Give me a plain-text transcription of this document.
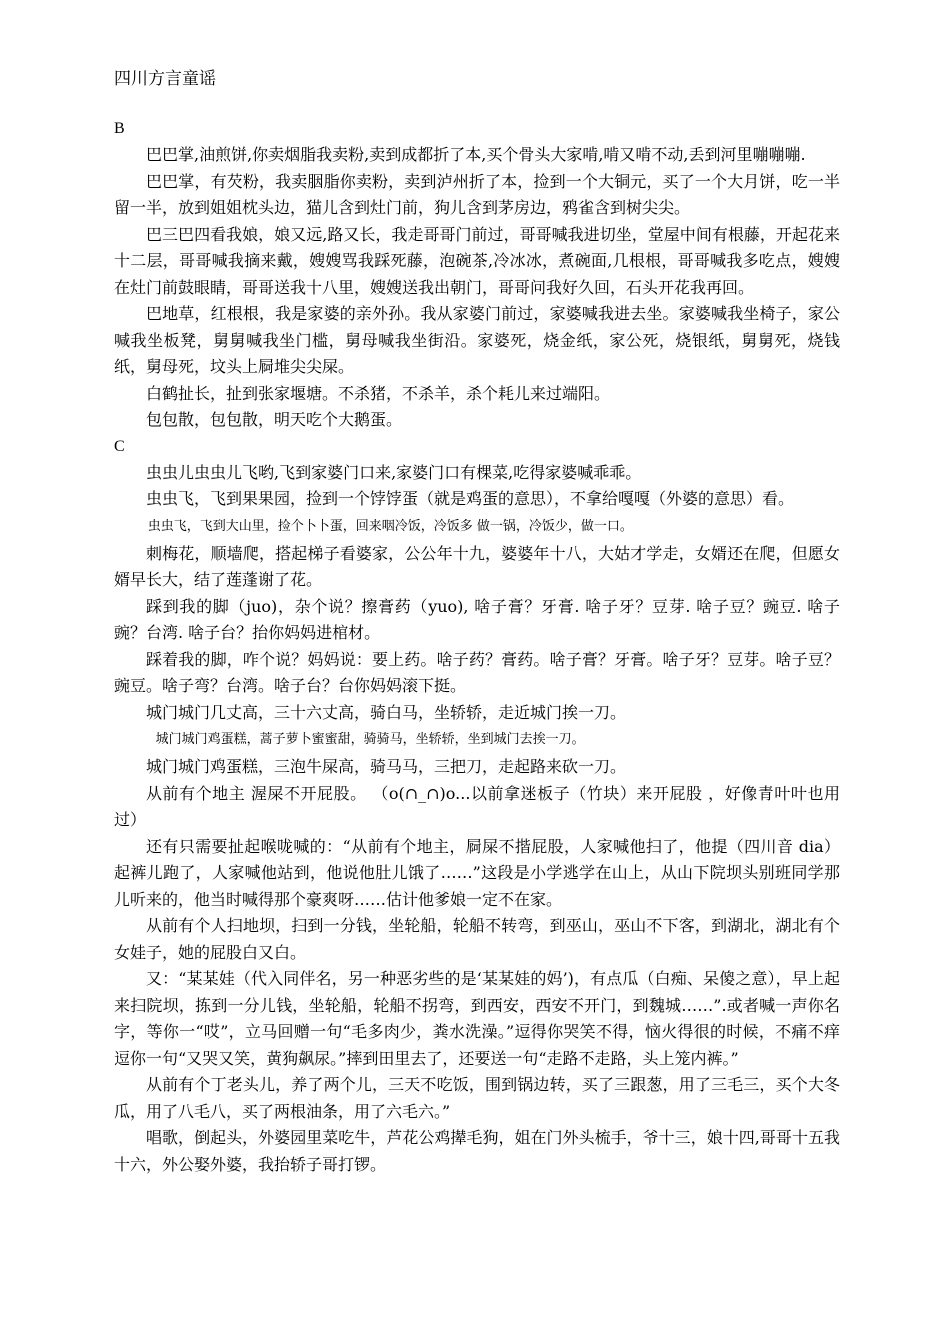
四川方言童谣

B

巴巴掌,油煎饼,你卖烟脂我卖粉,卖到成都折了本,买个骨头大家啃,啃又啃不动,丢到河里嘣嘣嘣.

巴巴掌，有芡粉，我卖胭脂你卖粉，卖到泸州折了本，捡到一个大铜元，买了一个大月饼，吃一半留一半，放到姐姐枕头边，猫儿含到灶门前，狗儿含到茅房边，鸦雀含到树尖尖。

巴三巴四看我娘，娘又远,路又长，我走哥哥门前过，哥哥喊我进切坐，堂屋中间有根藤，开起花来十二层，哥哥喊我摘来戴，嫂嫂骂我踩死藤，泡碗茶,冷冰冰，煮碗面,几根根，哥哥喊我多吃点，嫂嫂在灶门前鼓眼睛，哥哥送我十八里，嫂嫂送我出朝门，哥哥问我好久回，石头开花我再回。

巴地草，红根根，我是家婆的亲外孙。我从家婆门前过，家婆喊我进去坐。家婆喊我坐椅子，家公喊我坐板凳，舅舅喊我坐门槛，舅母喊我坐街沿。家婆死，烧金纸，家公死，烧银纸，舅舅死，烧钱纸，舅母死，坟头上屙堆尖尖屎。

白鹤扯长，扯到张家堰塘。不杀猪，不杀羊，杀个耗儿来过端阳。

包包散，包包散，明天吃个大鹅蛋。

C

虫虫儿虫虫儿飞哟,飞到家婆门口来,家婆门口有棵菜,吃得家婆喊乖乖。

虫虫飞，飞到果果园，捡到一个饽饽蛋（就是鸡蛋的意思），不拿给嘎嘎（外婆的意思）看。

虫虫飞，飞到大山里，捡个卜卜蛋，回来咽冷饭，冷饭多 做一锅，冷饭少，做一口。

刺梅花，顺墙爬，搭起梯子看婆家，公公年十九，婆婆年十八，大姑才学走，女婿还在爬，但愿女婿早长大，结了莲蓬谢了花。

踩到我的脚（juo)，杂个说？擦膏药（yuo), 啥子膏？牙膏. 啥子牙？豆芽. 啥子豆？豌豆. 啥子豌？台湾. 啥子台？抬你妈妈进棺材。

踩着我的脚，咋个说？妈妈说：要上药。啥子药？膏药。啥子膏？牙膏。啥子牙？豆芽。啥子豆？豌豆。啥子弯？台湾。啥子台？台你妈妈滚下挺。

城门城门几丈高，三十六丈高，骑白马，坐轿轿，走近城门挨一刀。

城门城门鸡蛋糕，蒿子萝卜蜜蜜甜，骑骑马，坐轿轿，坐到城门去挨一刀。

城门城门鸡蛋糕，三泡牛屎高，骑马马，三把刀，走起路来砍一刀。

从前有个地主 渥屎不开屁股。 （o(∩_∩)o...以前拿迷板子（竹块）来开屁股 ，好像青叶叶也用过）

还有只需要扯起喉咙喊的：“从前有个地主，屙屎不揩屁股，人家喊他扫了，他提（四川音 dia）起裤儿跑了，人家喊他站到，他说他肚儿饿了……”这段是小学逃学在山上，从山下院坝头别班同学那儿听来的，他当时喊得那个豪爽呀……估计他爹娘一定不在家。

从前有个人扫地坝，扫到一分钱，坐轮船，轮船不转弯，到巫山，巫山不下客，到湖北，湖北有个女娃子，她的屁股白又白。

又：“某某娃（代入同伴名，另一种恶劣些的是‘某某娃的妈’)，有点瓜（白痴、呆傻之意），早上起来扫院坝，拣到一分儿钱，坐轮船，轮船不拐弯，到西安，西安不开门，到魏城……”.或者喊一声你名字，等你一“哎”，立马回赠一句“毛多肉少，粪水洗澡。”逗得你哭笑不得，恼火得很的时候，不痛不痒逗你一句“又哭又笑，黄狗飙尿。”摔到田里去了，还要送一句“走路不走路，头上笼内裤。”

从前有个丁老头儿，养了两个儿，三天不吃饭，围到锅边转，买了三跟葱，用了三毛三，买个大冬瓜，用了八毛八，买了两根油条，用了六毛六。”

唱歌，倒起头，外婆园里菜吃牛，芦花公鸡撵毛狗，姐在门外头梳手，爷十三，娘十四,哥哥十五我十六，外公娶外婆，我抬轿子哥打锣。
